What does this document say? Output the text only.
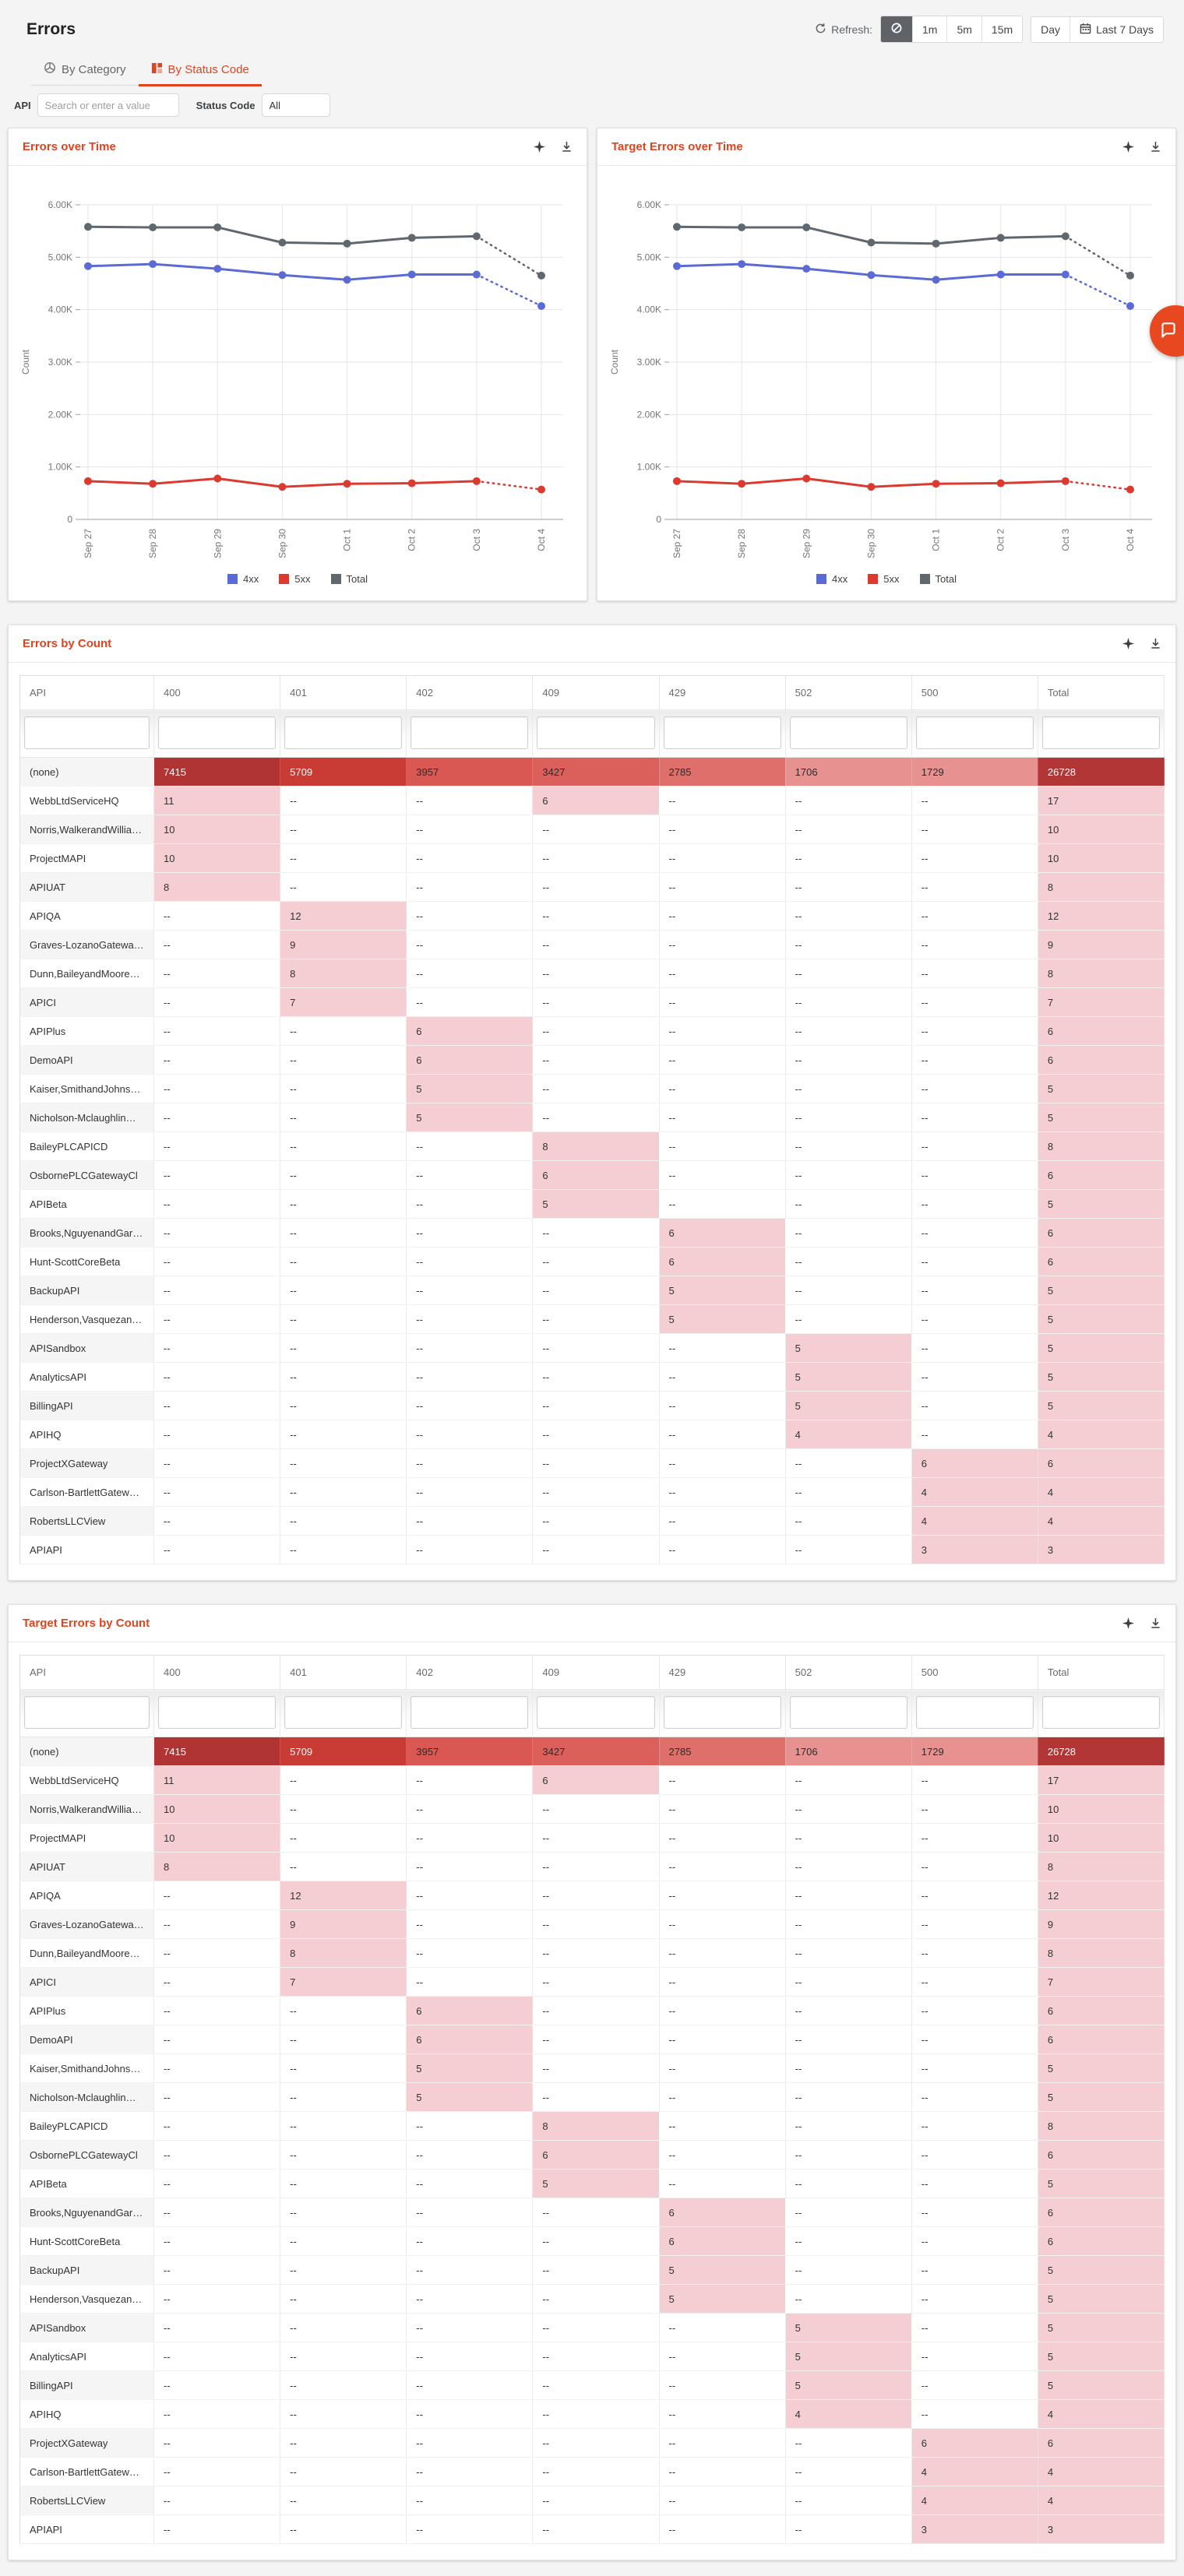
Errors	Refresh:	1m	5m	15m	Day	Last 7 Days
By Category	By Status Code
API
Search or enter a value	Status Code
All
Errors over Time
0
1.00K
2.00K
3.00K
4.00K
5.00K
6.00K
Sep 27	Sep 28	Sep 29	Sep 30	Oct 1	Oct 2	Oct 3	Oct 4
Count
4xx	5xx	Total
Target Errors over Time
0
1.00K
2.00K
3.00K
4.00K
5.00K
6.00K
Sep 27	Sep 28	Sep 29	Sep 30	Oct 1	Oct 2	Oct 3	Oct 4
Count
4xx	5xx	Total
Errors by Count
API	400	401	402	409	429	502	500	Total

(none)	7415	5709	3957	3427	2785	1706	1729	26728

WebbLtdServiceHQ	11	--	--	6	--	--	--	17

Norris,WalkerandWillia…	10	--	--	--	--	--	--	10

ProjectMAPI	10	--	--	--	--	--	--	10

APIUAT	8	--	--	--	--	--	--	8

APIQA	--	12	--	--	--	--	--	12

Graves-LozanoGatewa…	--	9	--	--	--	--	--	9

Dunn,BaileyandMoore…	--	8	--	--	--	--	--	8

APICI	--	7	--	--	--	--	--	7

APIPlus	--	--	6	--	--	--	--	6

DemoAPI	--	--	6	--	--	--	--	6

Kaiser,SmithandJohns…	--	--	5	--	--	--	--	5

Nicholson-Mclaughlin…	--	--	5	--	--	--	--	5

BaileyPLCAPICD	--	--	--	8	--	--	--	8

OsbornePLCGatewayCl	--	--	--	6	--	--	--	6

APIBeta	--	--	--	5	--	--	--	5

Brooks,NguyenandGar…	--	--	--	--	6	--	--	6

Hunt-ScottCoreBeta	--	--	--	--	6	--	--	6

BackupAPI	--	--	--	--	5	--	--	5

Henderson,Vasquezan…	--	--	--	--	5	--	--	5

APISandbox	--	--	--	--	--	5	--	5

AnalyticsAPI	--	--	--	--	--	5	--	5

BillingAPI	--	--	--	--	--	5	--	5

APIHQ	--	--	--	--	--	4	--	4

ProjectXGateway	--	--	--	--	--	--	6	6

Carlson-BartlettGatew…	--	--	--	--	--	--	4	4

RobertsLLCView	--	--	--	--	--	--	4	4

APIAPI	--	--	--	--	--	--	3	3
Target Errors by Count
API	400	401	402	409	429	502	500	Total

(none)	7415	5709	3957	3427	2785	1706	1729	26728

WebbLtdServiceHQ	11	--	--	6	--	--	--	17

Norris,WalkerandWillia…	10	--	--	--	--	--	--	10

ProjectMAPI	10	--	--	--	--	--	--	10

APIUAT	8	--	--	--	--	--	--	8

APIQA	--	12	--	--	--	--	--	12

Graves-LozanoGatewa…	--	9	--	--	--	--	--	9

Dunn,BaileyandMoore…	--	8	--	--	--	--	--	8

APICI	--	7	--	--	--	--	--	7

APIPlus	--	--	6	--	--	--	--	6

DemoAPI	--	--	6	--	--	--	--	6

Kaiser,SmithandJohns…	--	--	5	--	--	--	--	5

Nicholson-Mclaughlin…	--	--	5	--	--	--	--	5

BaileyPLCAPICD	--	--	--	8	--	--	--	8

OsbornePLCGatewayCl	--	--	--	6	--	--	--	6

APIBeta	--	--	--	5	--	--	--	5

Brooks,NguyenandGar…	--	--	--	--	6	--	--	6

Hunt-ScottCoreBeta	--	--	--	--	6	--	--	6

BackupAPI	--	--	--	--	5	--	--	5

Henderson,Vasquezan…	--	--	--	--	5	--	--	5

APISandbox	--	--	--	--	--	5	--	5

AnalyticsAPI	--	--	--	--	--	5	--	5

BillingAPI	--	--	--	--	--	5	--	5

APIHQ	--	--	--	--	--	4	--	4

ProjectXGateway	--	--	--	--	--	--	6	6

Carlson-BartlettGatew…	--	--	--	--	--	--	4	4

RobertsLLCView	--	--	--	--	--	--	4	4

APIAPI	--	--	--	--	--	--	3	3
